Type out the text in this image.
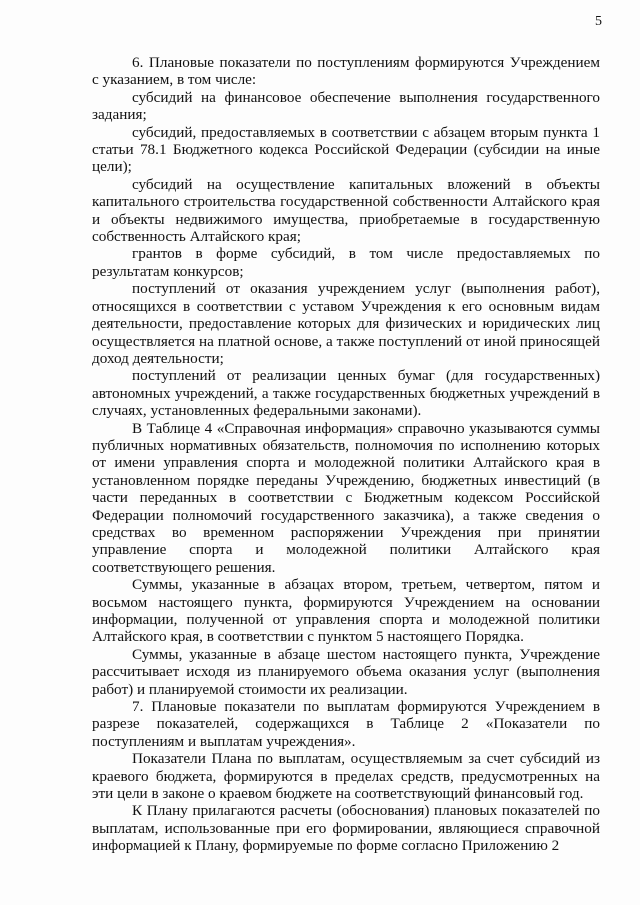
5

6. Плановые показатели по поступлениям формируются Учреждением с указанием, в том числе:

субсидий на финансовое обеспечение выполнения государственного задания;

субсидий, предоставляемых в соответствии с абзацем вторым пункта 1 статьи 78.1 Бюджетного кодекса Российской Федерации (субсидии на иные цели);

субсидий на осуществление капитальных вложений в объекты капитального строительства государственной собственности Алтайского края и объекты недвижимого имущества, приобретаемые в государственную собственность Алтайского края;

грантов в форме субсидий, в том числе предоставляемых по результатам конкурсов;

поступлений от оказания учреждением услуг (выполнения работ), относящихся в соответствии с уставом Учреждения к его основным видам деятельности, предоставление которых для физических и юридических лиц осуществляется на платной основе, а также поступлений от иной приносящей доход деятельности;

поступлений от реализации ценных бумаг (для государственных) автономных учреждений, а также государственных бюджетных учреждений в случаях, установленных федеральными законами).

В Таблице 4 «Справочная информация» справочно указываются суммы публичных нормативных обязательств, полномочия по исполнению которых от имени управления спорта и молодежной политики Алтайского края в установленном порядке переданы Учреждению, бюджетных инвестиций (в части переданных в соответствии с Бюджетным кодексом Российской Федерации полномочий государственного заказчика), а также сведения о средствах во временном распоряжении Учреждения при принятии управление спорта и молодежной политики Алтайского края соответствующего решения.

Суммы, указанные в абзацах втором, третьем, четвертом, пятом и восьмом настоящего пункта, формируются Учреждением на основании информации, полученной от управления спорта и молодежной политики Алтайского края, в соответствии с пунктом 5 настоящего Порядка.

Суммы, указанные в абзаце шестом настоящего пункта, Учреждение рассчитывает исходя из планируемого объема оказания услуг (выполнения работ) и планируемой стоимости их реализации.

7. Плановые показатели по выплатам формируются Учреждением в разрезе показателей, содержащихся в Таблице 2 «Показатели по поступлениям и выплатам учреждения».

Показатели Плана по выплатам, осуществляемым за счет субсидий из краевого бюджета, формируются в пределах средств, предусмотренных на эти цели в законе о краевом бюджете на соответствующий финансовый год.

К Плану прилагаются расчеты (обоснования) плановых показателей по выплатам, использованные при его формировании, являющиеся справочной информацией к Плану, формируемые по форме согласно Приложению 2
